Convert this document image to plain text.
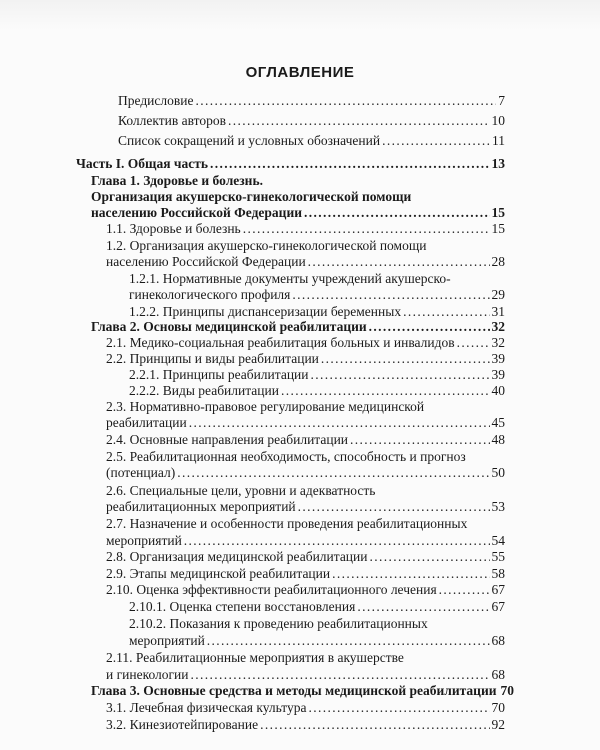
ОГЛАВЛЕНИЕ
Предисловие . . .	7
Коллектив авторов . . .	10
Список сокращений и условных обозначений . . .	11
Часть I. Общая часть . . .	13
Глава 1. Здоровье и болезнь.
Организация акушерско-гинекологической помощи
населению Российской Федерации . . .	15
1.1. Здоровье и болезнь . . .	15
1.2. Организация акушерско-гинекологической помощи
населению Российской Федерации . . .	28
1.2.1. Нормативные документы учреждений акушерско-
гинекологического профиля . . .	29
1.2.2. Принципы диспансеризации беременных . . .	31
Глава 2. Основы медицинской реабилитации . . .	32
2.1. Медико-социальная реабилитация больных и инвалидов . . .	32
2.2. Принципы и виды реабилитации . . .	39
2.2.1. Принципы реабилитации . . .	39
2.2.2. Виды реабилитации . . .	40
2.3. Нормативно-правовое регулирование медицинской
реабилитации . . .	45
2.4. Основные направления реабилитации . . .	48
2.5. Реабилитационная необходимость, способность и прогноз
(потенциал) . . .	50
2.6. Специальные цели, уровни и адекватность
реабилитационных мероприятий . . .	53
2.7. Назначение и особенности проведения реабилитационных
мероприятий . . .	54
2.8. Организация медицинской реабилитации . . .	55
2.9. Этапы медицинской реабилитации . . .	58
2.10. Оценка эффективности реабилитационного лечения . . .	67
2.10.1. Оценка степени восстановления . . .	67
2.10.2. Показания к проведению реабилитационных
мероприятий . . .	68
2.11. Реабилитационные мероприятия в акушерстве
и гинекологии . . .	68
Глава 3. Основные средства и методы медицинской реабилитации 70
3.1. Лечебная физическая культура . . .	70
3.2. Кинезиотейпирование . . .	92
